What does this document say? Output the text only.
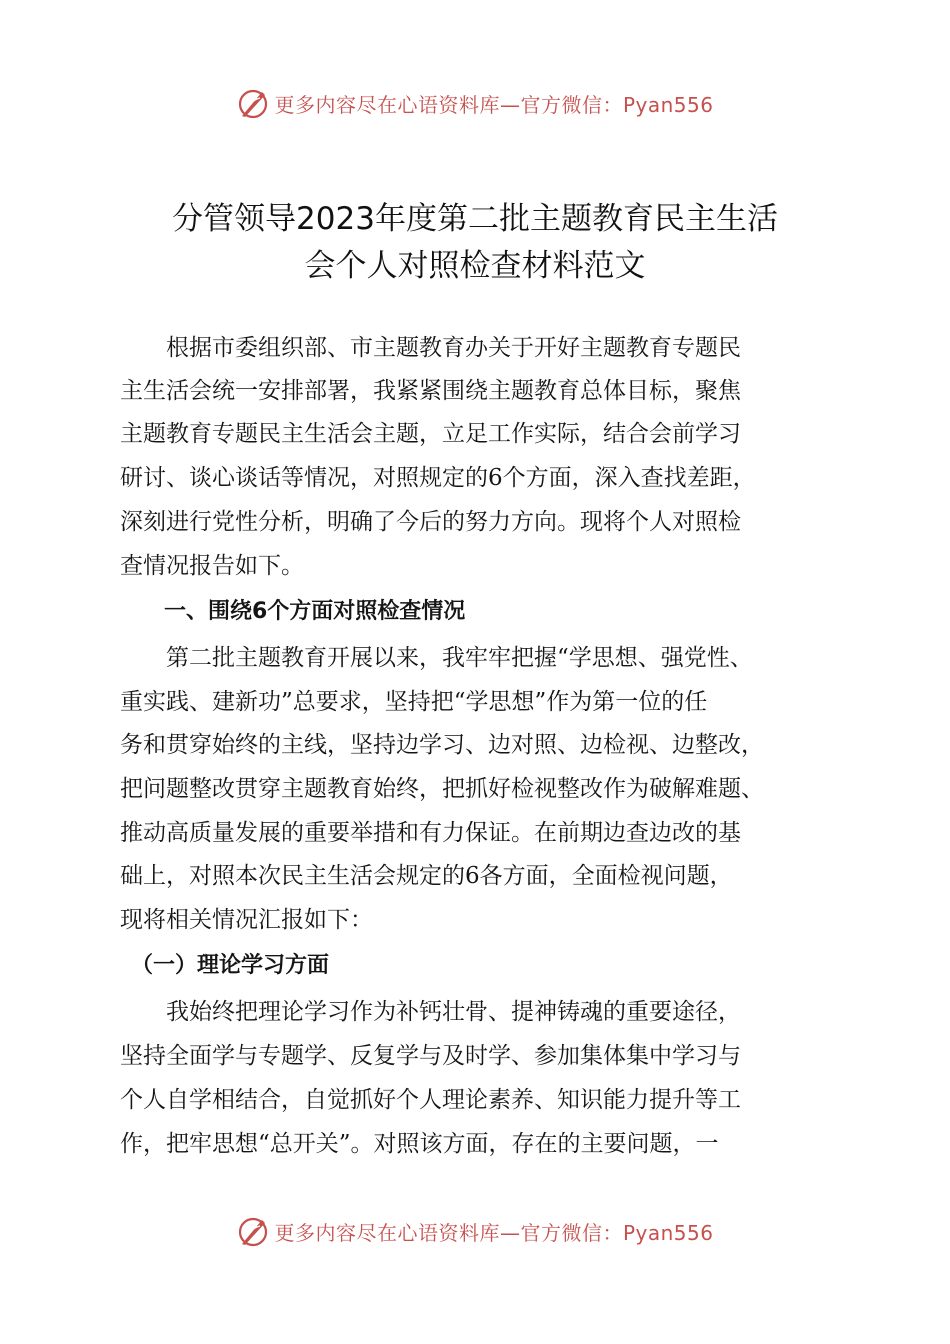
更多内容尽在心语资料库—官方微信：Pyan556
分管领导2023年度第二批主题教育民主生活
会个人对照检查材料范文
　　根据市委组织部、市主题教育办关于开好主题教育专题民
主生活会统一安排部署，我紧紧围绕主题教育总体目标，聚焦
主题教育专题民主生活会主题，立足工作实际，结合会前学习
研讨、谈心谈话等情况，对照规定的6个方面，深入查找差距，
深刻进行党性分析，明确了今后的努力方向。现将个人对照检
查情况报告如下。
　　一、围绕6个方面对照检查情况
　　第二批主题教育开展以来，我牢牢把握“学思想、强党性、
重实践、建新功”总要求，坚持把“学思想”作为第一位的任
务和贯穿始终的主线，坚持边学习、边对照、边检视、边整改，
把问题整改贯穿主题教育始终，把抓好检视整改作为破解难题、
推动高质量发展的重要举措和有力保证。在前期边查边改的基
础上，对照本次民主生活会规定的6各方面，全面检视问题，
现将相关情况汇报如下：
　（一）理论学习方面
　　我始终把理论学习作为补钙壮骨、提神铸魂的重要途径，
坚持全面学与专题学、反复学与及时学、参加集体集中学习与
个人自学相结合，自觉抓好个人理论素养、知识能力提升等工
作，把牢思想“总开关”。对照该方面，存在的主要问题，一
更多内容尽在心语资料库—官方微信：Pyan556
